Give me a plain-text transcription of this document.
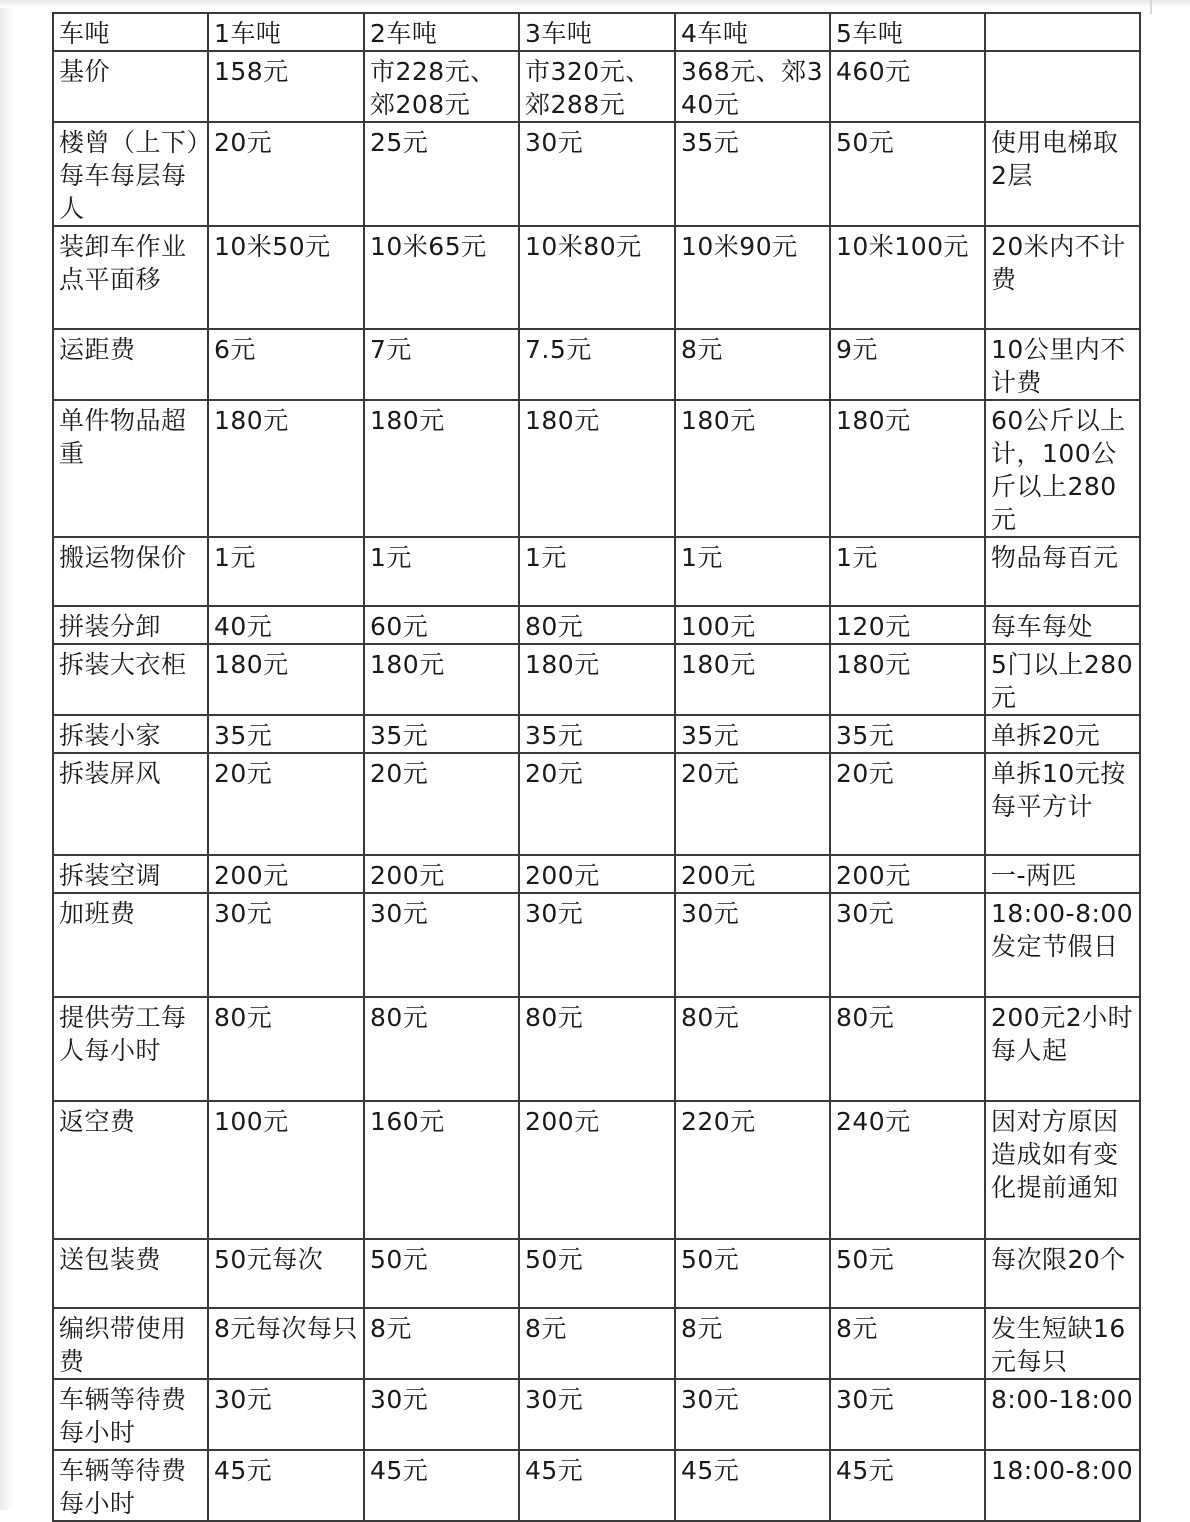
车吨	1车吨	2车吨	3车吨	4车吨	5车吨	
基价	158元	市228元、郊208元	市320元、郊288元	368元、郊340元	460元	
楼曾（上下）每车每层每人	20元	25元	30元	35元	50元	使用电梯取2层
装卸车作业点平面移	10米50元	10米65元	10米80元	10米90元	10米100元	20米内不计费
运距费	6元	7元	7.5元	8元	9元	10公里内不计费
单件物品超重	180元	180元	180元	180元	180元	60公斤以上计，100公斤以上280元
搬运物保价	1元	1元	1元	1元	1元	物品每百元
拼装分卸	40元	60元	80元	100元	120元	每车每处
拆装大衣柜	180元	180元	180元	180元	180元	5门以上280元
拆装小家	35元	35元	35元	35元	35元	单拆20元
拆装屏风	20元	20元	20元	20元	20元	单拆10元按每平方计
拆装空调	200元	200元	200元	200元	200元	一-两匹
加班费	30元	30元	30元	30元	30元	18:00-8:00发定节假日
提供劳工每人每小时	80元	80元	80元	80元	80元	200元2小时每人起
返空费	100元	160元	200元	220元	240元	因对方原因造成如有变化提前通知
送包装费	50元每次	50元	50元	50元	50元	每次限20个
编织带使用费	8元每次每只	8元	8元	8元	8元	发生短缺16元每只
车辆等待费每小时	30元	30元	30元	30元	30元	8:00-18:00
车辆等待费每小时	45元	45元	45元	45元	45元	18:00-8:00
